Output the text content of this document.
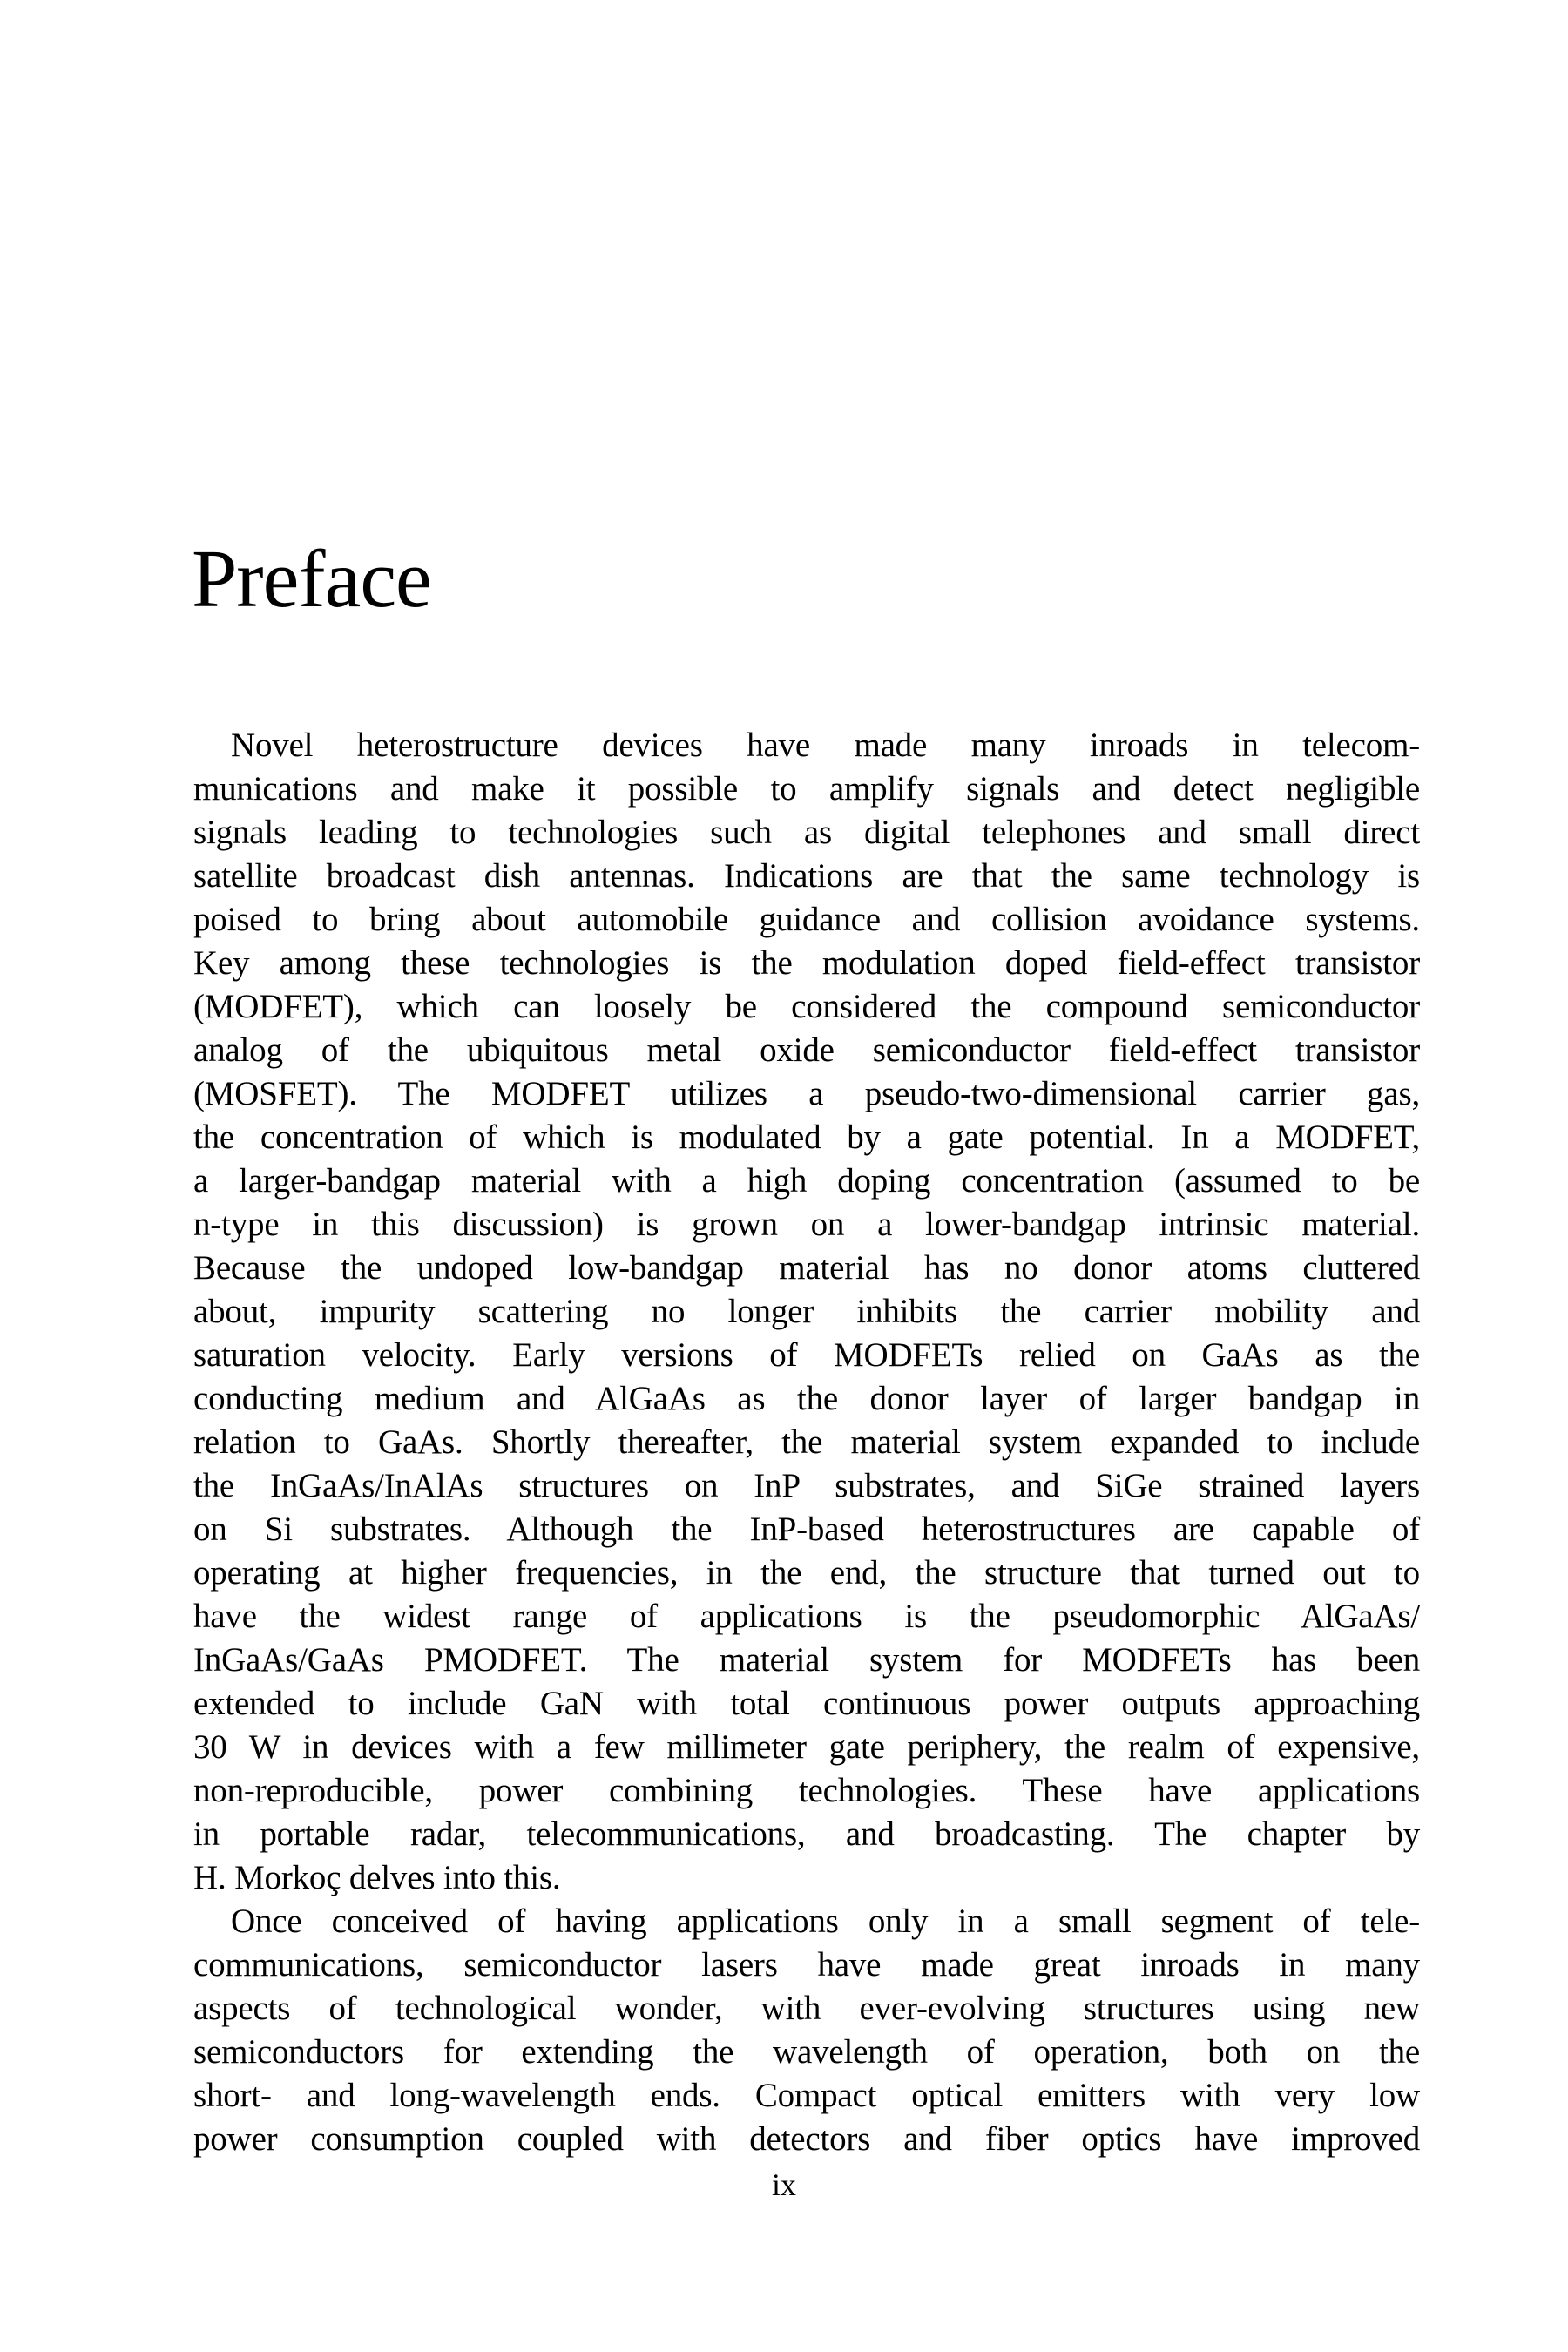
Preface
Novel heterostructure devices have made many inroads in telecom-
munications and make it possible to amplify signals and detect negligible
signals leading to technologies such as digital telephones and small direct
satellite broadcast dish antennas. Indications are that the same technology is
poised to bring about automobile guidance and collision avoidance systems.
Key among these technologies is the modulation doped field-effect transistor
(MODFET), which can loosely be considered the compound semiconductor
analog of the ubiquitous metal oxide semiconductor field-effect transistor
(MOSFET). The MODFET utilizes a pseudo-two-dimensional carrier gas,
the concentration of which is modulated by a gate potential. In a MODFET,
a larger-bandgap material with a high doping concentration (assumed to be
n-type in this discussion) is grown on a lower-bandgap intrinsic material.
Because the undoped low-bandgap material has no donor atoms cluttered
about, impurity scattering no longer inhibits the carrier mobility and
saturation velocity. Early versions of MODFETs relied on GaAs as the
conducting medium and AlGaAs as the donor layer of larger bandgap in
relation to GaAs. Shortly thereafter, the material system expanded to include
the InGaAs/InAlAs structures on InP substrates, and SiGe strained layers
on Si substrates. Although the InP-based heterostructures are capable of
operating at higher frequencies, in the end, the structure that turned out to
have the widest range of applications is the pseudomorphic AlGaAs/
InGaAs/GaAs PMODFET. The material system for MODFETs has been
extended to include GaN with total continuous power outputs approaching
30 W in devices with a few millimeter gate periphery, the realm of expensive,
non-reproducible, power combining technologies. These have applications
in portable radar, telecommunications, and broadcasting. The chapter by
H. Morkoç delves into this.
Once conceived of having applications only in a small segment of tele-
communications, semiconductor lasers have made great inroads in many
aspects of technological wonder, with ever-evolving structures using new
semiconductors for extending the wavelength of operation, both on the
short- and long-wavelength ends. Compact optical emitters with very low
power consumption coupled with detectors and fiber optics have improved
ix
